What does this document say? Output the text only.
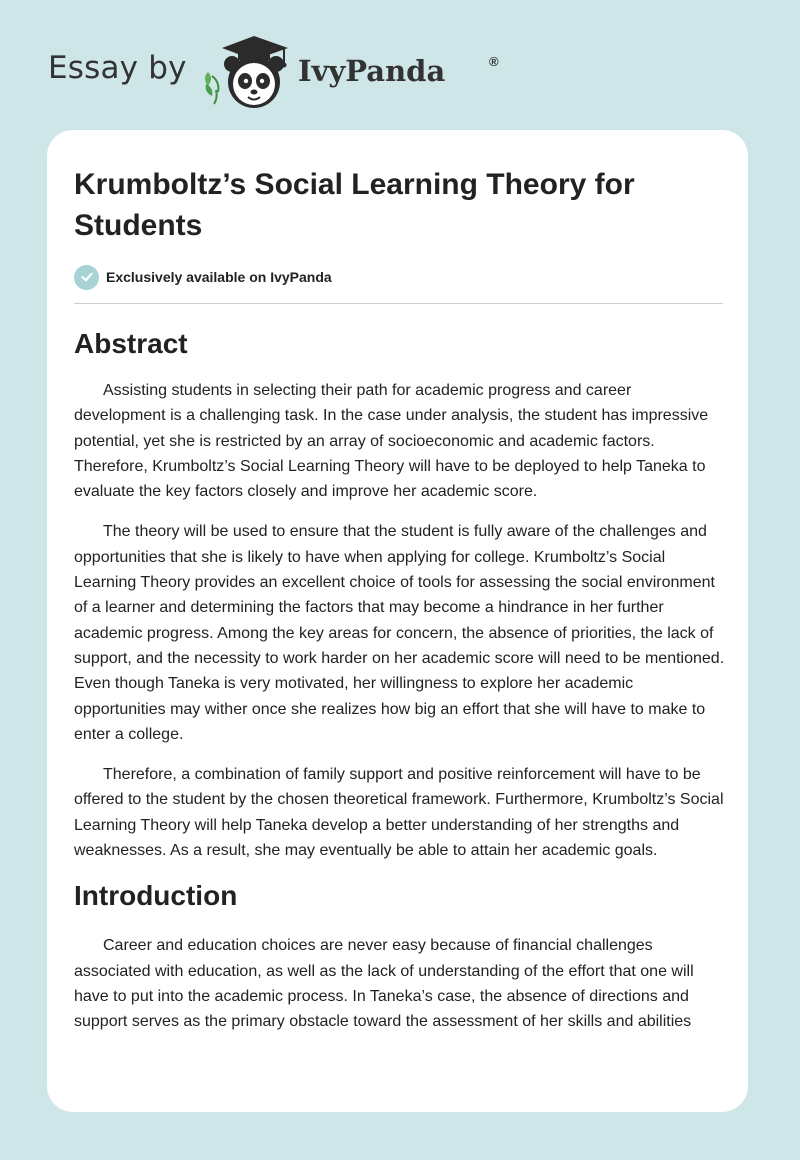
Essay by	IvyPanda	®
Krumboltz’s Social Learning Theory for Students
Exclusively available on IvyPanda
Abstract

Assisting students in selecting their path for academic progress and career development is a challenging task. In the case under analysis, the student has impressive potential, yet she is restricted by an array of socioeconomic and academic factors. Therefore, Krumboltz’s Social Learning Theory will have to be deployed to help Taneka to evaluate the key factors closely and improve her academic score.

The theory will be used to ensure that the student is fully aware of the challenges and opportunities that she is likely to have when applying for college. Krumboltz’s Social Learning Theory provides an excellent choice of tools for assessing the social environment of a learner and determining the factors that may become a hindrance in her further academic progress. Among the key areas for concern, the absence of priorities, the lack of support, and the necessity to work harder on her academic score will need to be mentioned. Even though Taneka is very motivated, her willingness to explore her academic opportunities may wither once she realizes how big an effort that she will have to make to enter a college.

Therefore, a combination of family support and positive reinforcement will have to be offered to the student by the chosen theoretical framework. Furthermore, Krumboltz’s Social Learning Theory will help Taneka develop a better understanding of her strengths and weaknesses. As a result, she may eventually be able to attain her academic goals.

Introduction

Career and education choices are never easy because of financial challenges associated with education, as well as the lack of understanding of the effort that one will have to put into the academic process. In Taneka’s case, the absence of directions and support serves as the primary obstacle toward the assessment of her skills and abilities
